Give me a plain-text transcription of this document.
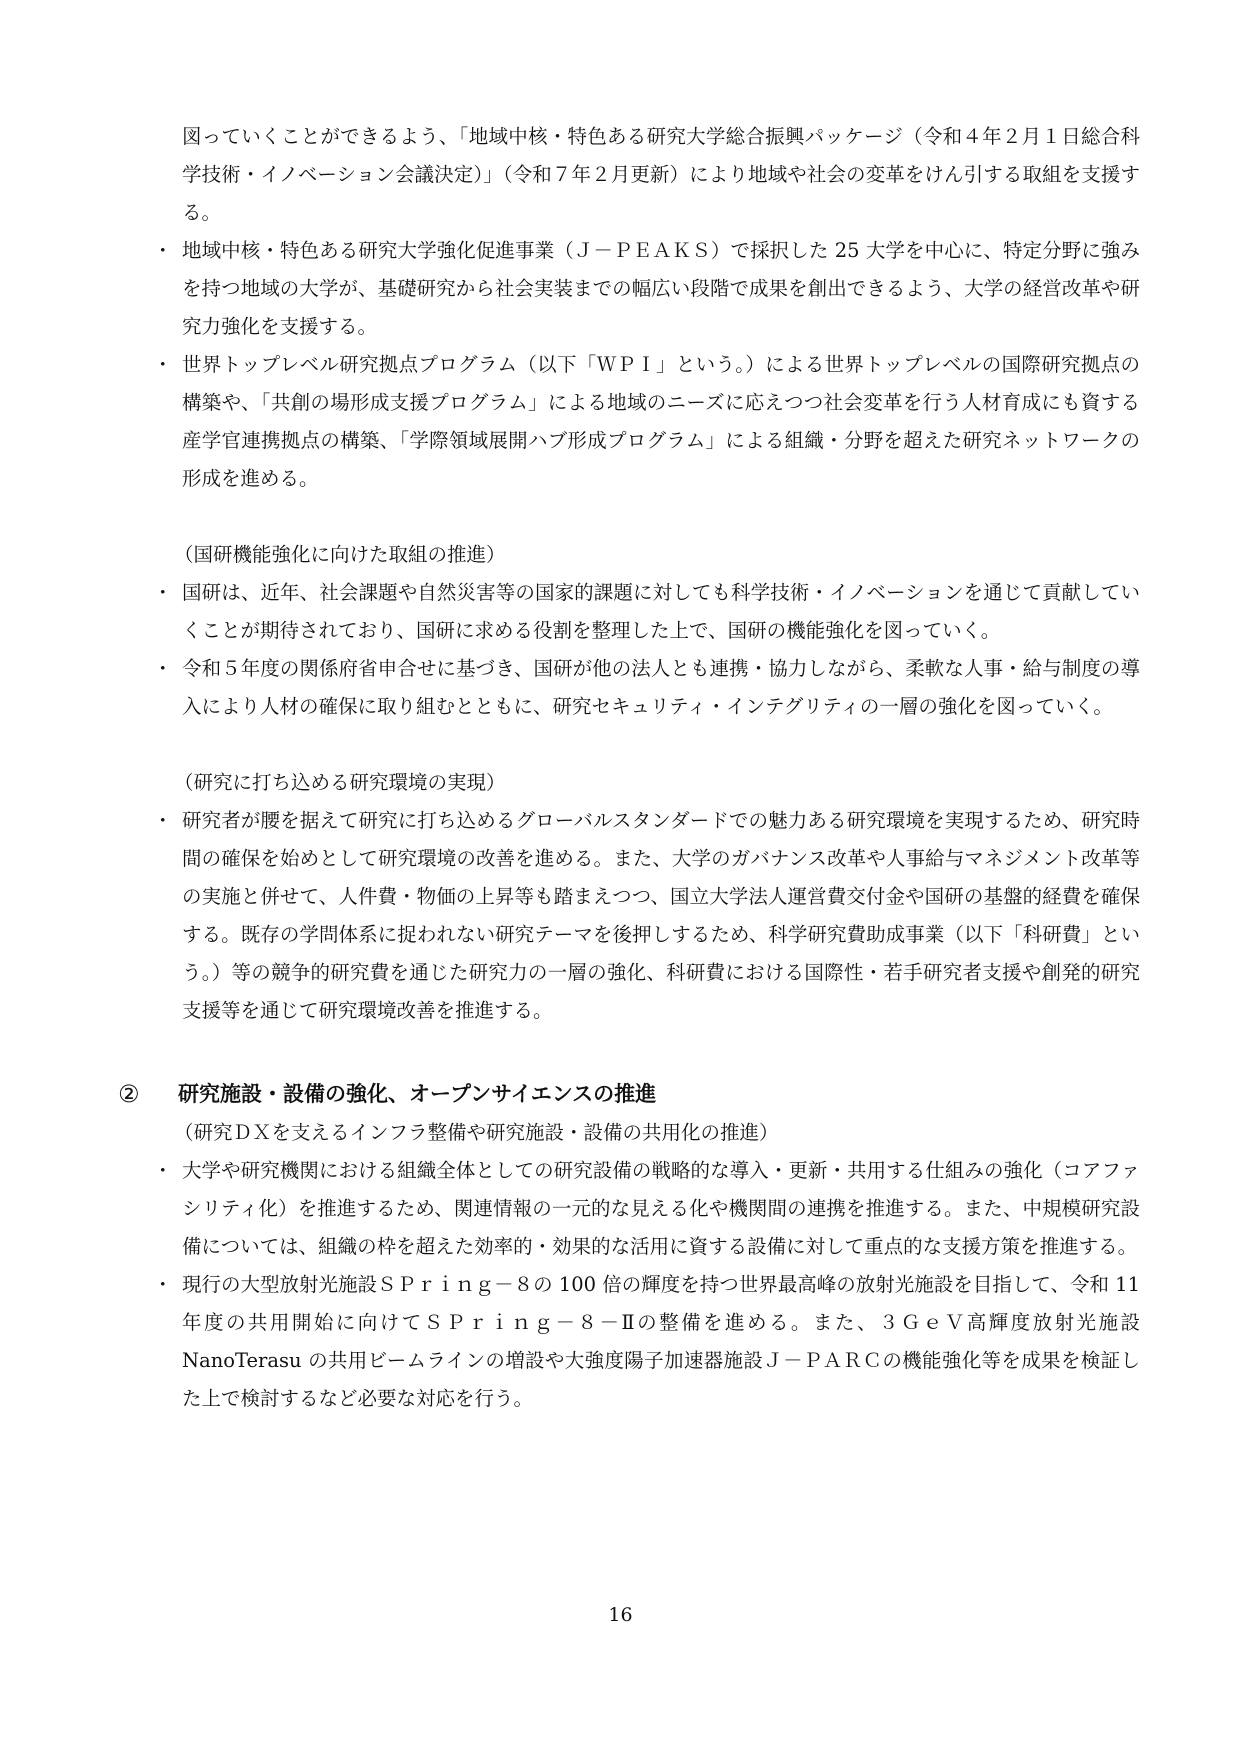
図っていくことができるよう、「地域中核・特色ある研究大学総合振興パッケージ（令和４年２月１日総合科学技術・イノベーション会議決定）」（令和７年２月更新）により地域や社会の変革をけん引する取組を支援する。

・ 地域中核・特色ある研究大学強化促進事業（Ｊ－ＰＥＡＫＳ）で採択した 25 大学を中心に、特定分野に強みを持つ地域の大学が、基礎研究から社会実装までの幅広い段階で成果を創出できるよう、大学の経営改革や研究力強化を支援する。

・ 世界トップレベル研究拠点プログラム（以下「ＷＰＩ」という。）による世界トップレベルの国際研究拠点の構築や、「共創の場形成支援プログラム」による地域のニーズに応えつつ社会変革を行う人材育成にも資する産学官連携拠点の構築、「学際領域展開ハブ形成プログラム」による組織・分野を超えた研究ネットワークの形成を進める。

（国研機能強化に向けた取組の推進）

・ 国研は、近年、社会課題や自然災害等の国家的課題に対しても科学技術・イノベーションを通じて貢献していくことが期待されており、国研に求める役割を整理した上で、国研の機能強化を図っていく。

・ 令和５年度の関係府省申合せに基づき、国研が他の法人とも連携・協力しながら、柔軟な人事・給与制度の導入により人材の確保に取り組むとともに、研究セキュリティ・インテグリティの一層の強化を図っていく。

（研究に打ち込める研究環境の実現）

・ 研究者が腰を据えて研究に打ち込めるグローバルスタンダードでの魅力ある研究環境を実現するため、研究時間の確保を始めとして研究環境の改善を進める。また、大学のガバナンス改革や人事給与マネジメント改革等の実施と併せて、人件費・物価の上昇等も踏まえつつ、国立大学法人運営費交付金や国研の基盤的経費を確保する。既存の学問体系に捉われない研究テーマを後押しするため、科学研究費助成事業（以下「科研費」という。）等の競争的研究費を通じた研究力の一層の強化、科研費における国際性・若手研究者支援や創発的研究支援等を通じて研究環境改善を推進する。

② 研究施設・設備の強化、オープンサイエンスの推進
（研究ＤＸを支えるインフラ整備や研究施設・設備の共用化の推進）

・ 大学や研究機関における組織全体としての研究設備の戦略的な導入・更新・共用する仕組みの強化（コアファシリティ化）を推進するため、関連情報の一元的な見える化や機関間の連携を推進する。また、中規模研究設備については、組織の枠を超えた効率的・効果的な活用に資する設備に対して重点的な支援方策を推進する。

・ 現行の大型放射光施設ＳＰｒｉｎｇ－８の 100 倍の輝度を持つ世界最高峰の放射光施設を目指して、令和 11 年度の共用開始に向けてＳＰｒｉｎｇ－８－Ⅱの整備を進める。また、３ＧｅＶ高輝度放射光施設 NanoTerasu の共用ビームラインの増設や大強度陽子加速器施設Ｊ－ＰＡＲＣの機能強化等を成果を検証した上で検討するなど必要な対応を行う。

16
